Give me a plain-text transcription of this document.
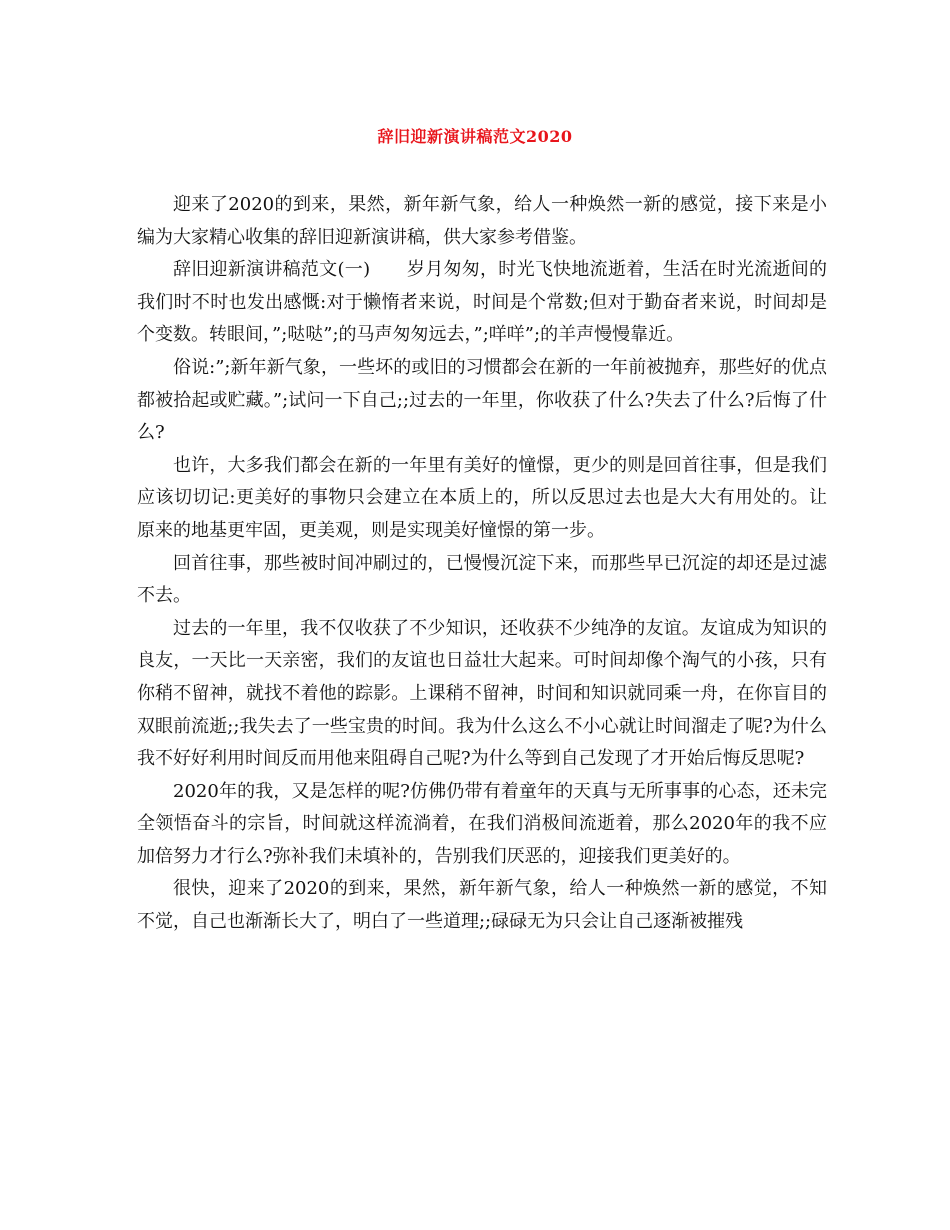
辞旧迎新演讲稿范文2020

迎来了2020的到来，果然，新年新气象，给人一种焕然一新的感觉，接下来是小编为大家精心收集的辞旧迎新演讲稿，供大家参考借鉴。

辞旧迎新演讲稿范文(一)　　岁月匆匆，时光飞快地流逝着，生活在时光流逝间的我们时不时也发出感慨:对于懒惰者来说，时间是个常数;但对于勤奋者来说，时间却是个变数。转眼间，”;哒哒”;的马声匆匆远去，”;咩咩”;的羊声慢慢靠近。

俗说:”;新年新气象，一些坏的或旧的习惯都会在新的一年前被抛弃，那些好的优点都被拾起或贮藏。”;试问一下自己;;过去的一年里，你收获了什么?失去了什么?后悔了什么?

也许，大多我们都会在新的一年里有美好的憧憬，更少的则是回首往事，但是我们应该切切记:更美好的事物只会建立在本质上的，所以反思过去也是大大有用处的。让原来的地基更牢固，更美观，则是实现美好憧憬的第一步。

回首往事，那些被时间冲刷过的，已慢慢沉淀下来，而那些早已沉淀的却还是过滤不去。

过去的一年里，我不仅收获了不少知识，还收获不少纯净的友谊。友谊成为知识的良友，一天比一天亲密，我们的友谊也日益壮大起来。可时间却像个淘气的小孩，只有你稍不留神，就找不着他的踪影。上课稍不留神，时间和知识就同乘一舟，在你盲目的双眼前流逝;;我失去了一些宝贵的时间。我为什么这么不小心就让时间溜走了呢?为什么我不好好利用时间反而用他来阻碍自己呢?为什么等到自己发现了才开始后悔反思呢?

2020年的我，又是怎样的呢?仿佛仍带有着童年的天真与无所事事的心态，还未完全领悟奋斗的宗旨，时间就这样流淌着，在我们消极间流逝着，那么2020年的我不应加倍努力才行么?弥补我们未填补的，告别我们厌恶的，迎接我们更美好的。

很快，迎来了2020的到来，果然，新年新气象，给人一种焕然一新的感觉，不知不觉，自己也渐渐长大了，明白了一些道理;;碌碌无为只会让自己逐渐被摧残
